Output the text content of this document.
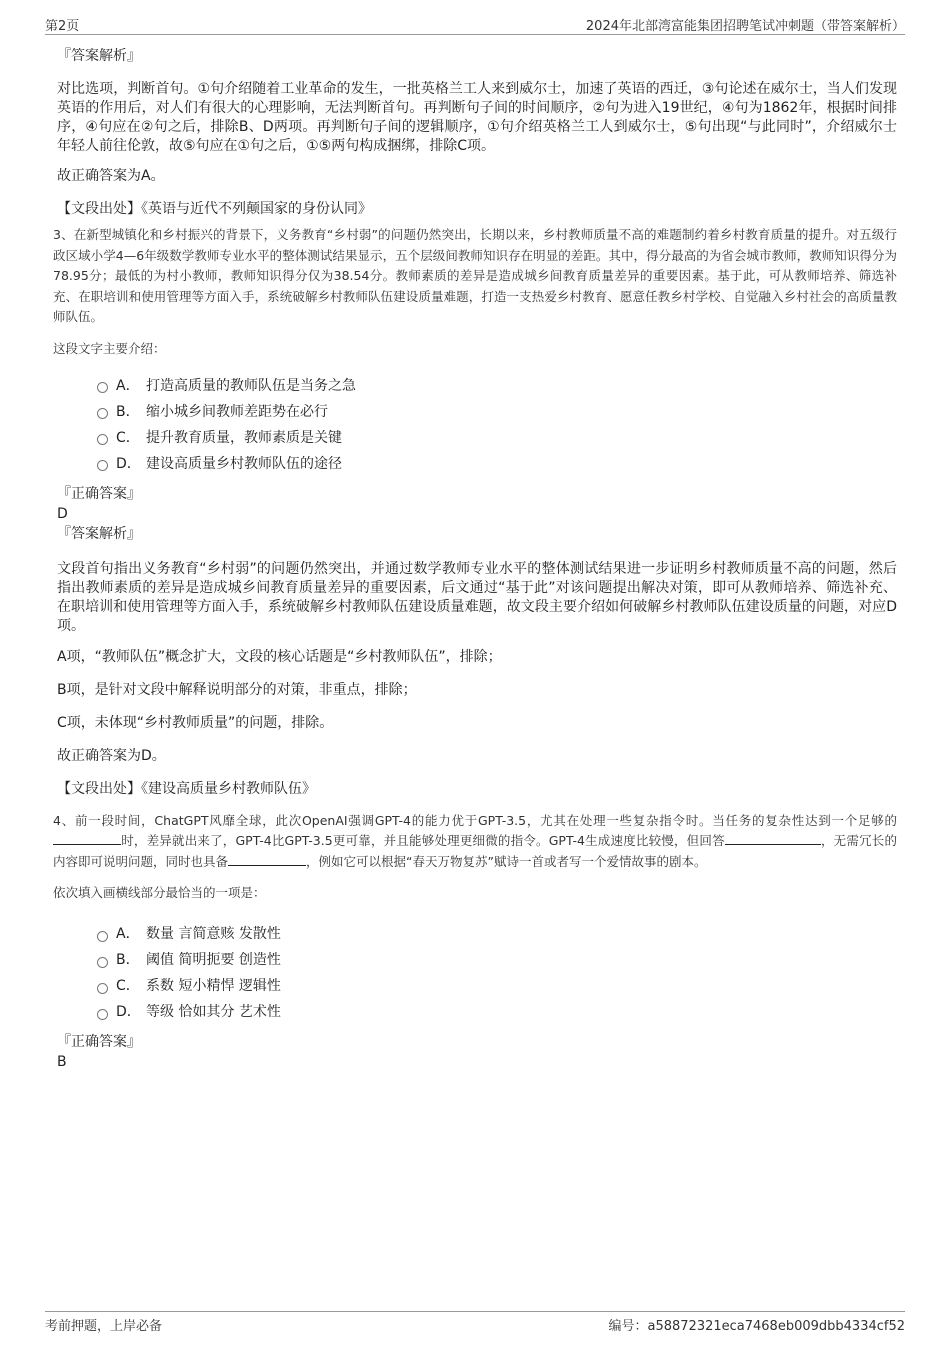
第2页	2024年北部湾富能集团招聘笔试冲刺题（带答案解析）

『答案解析』

对比选项，判断首句。①句介绍随着工业革命的发生，一批英格兰工人来到威尔士，加速了英语的西迁，③句论述在威尔士，当人们发现英语的作用后，对人们有很大的心理影响，无法判断首句。再判断句子间的时间顺序，②句为进入19世纪，④句为1862年，根据时间排序，④句应在②句之后，排除B、D两项。再判断句子间的逻辑顺序，①句介绍英格兰工人到威尔士，⑤句出现“与此同时”，介绍威尔士年轻人前往伦敦，故⑤句应在①句之后，①⑤两句构成捆绑，排除C项。

故正确答案为A。

【文段出处】《英语与近代不列颠国家的身份认同》

3、在新型城镇化和乡村振兴的背景下，义务教育“乡村弱”的问题仍然突出，长期以来，乡村教师质量不高的难题制约着乡村教育质量的提升。对五级行政区域小学4—6年级数学教师专业水平的整体测试结果显示，五个层级间教师知识存在明显的差距。其中，得分最高的为省会城市教师，教师知识得分为78.95分；最低的为村小教师，教师知识得分仅为38.54分。教师素质的差异是造成城乡间教育质量差异的重要因素。基于此，可从教师培养、筛选补充、在职培训和使用管理等方面入手，系统破解乡村教师队伍建设质量难题，打造一支热爱乡村教育、愿意任教乡村学校、自觉融入乡村社会的高质量教师队伍。

这段文字主要介绍：

A． 打造高质量的教师队伍是当务之急
B． 缩小城乡间教师差距势在必行
C． 提升教育质量，教师素质是关键
D． 建设高质量乡村教师队伍的途径

『正确答案』

D

『答案解析』

文段首句指出义务教育“乡村弱”的问题仍然突出，并通过数学教师专业水平的整体测试结果进一步证明乡村教师质量不高的问题，然后指出教师素质的差异是造成城乡间教育质量差异的重要因素，后文通过“基于此”对该问题提出解决对策，即可从教师培养、筛选补充、在职培训和使用管理等方面入手，系统破解乡村教师队伍建设质量难题，故文段主要介绍如何破解乡村教师队伍建设质量的问题，对应D项。

A项，“教师队伍”概念扩大，文段的核心话题是“乡村教师队伍”，排除；

B项，是针对文段中解释说明部分的对策，非重点，排除；

C项，未体现“乡村教师质量”的问题，排除。

故正确答案为D。

【文段出处】《建设高质量乡村教师队伍》

4、前一段时间，ChatGPT风靡全球，此次OpenAI强调GPT-4的能力优于GPT-3.5，尤其在处理一些复杂指令时。当任务的复杂性达到一个足够的时，差异就出来了，GPT-4比GPT-3.5更可靠，并且能够处理更细微的指令。GPT-4生成速度比较慢，但回答	，无需冗长的内容即可说明问题，同时也具备	，例如它可以根据“春天万物复苏”赋诗一首或者写一个爱情故事的剧本。

依次填入画横线部分最恰当的一项是：

A． 数量 言简意赅 发散性
B． 阈值 简明扼要 创造性
C． 系数 短小精悍 逻辑性
D． 等级 恰如其分 艺术性

『正确答案』

B

考前押题，上岸必备	编号：a58872321eca7468eb009dbb4334cf52
